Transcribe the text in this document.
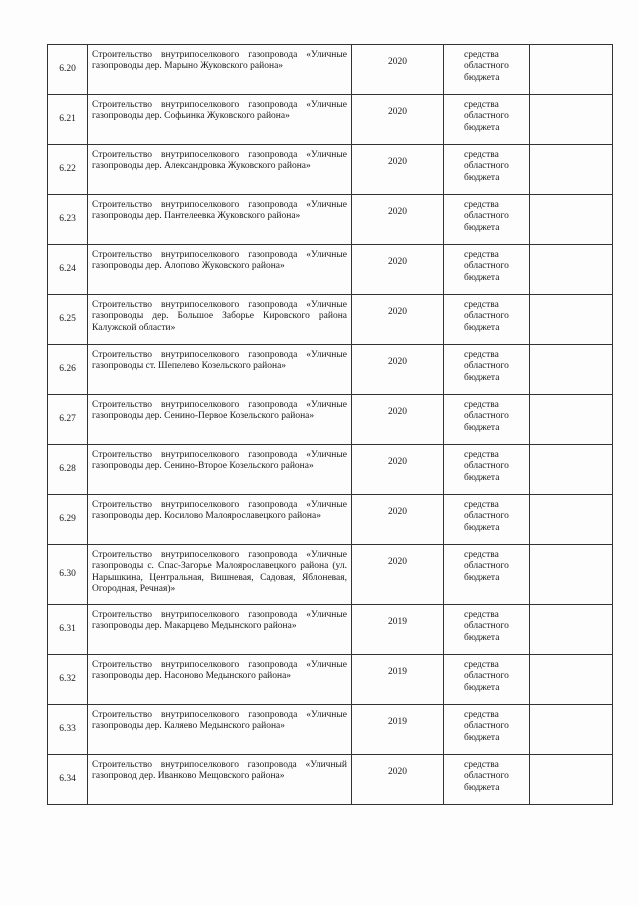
6.20	Строительство внутрипоселкового газопровода «Уличные газопроводы дер. Марыно Жуковского района»	2020	средства
областного
бюджета	

6.21	Строительство внутрипоселкового газопровода «Уличные газопроводы дер. Софьинка Жуковского района»	2020	средства
областного
бюджета	

6.22	Строительство внутрипоселкового газопровода «Уличные газопроводы дер. Александровка Жуковского района»	2020	средства
областного
бюджета	

6.23	Строительство внутрипоселкового газопровода «Уличные газопроводы дер. Пантелеевка Жуковского района»	2020	средства
областного
бюджета	

6.24	Строительство внутрипоселкового газопровода «Уличные газопроводы дер. Алопово Жуковского района»	2020	средства
областного
бюджета	

6.25	Строительство внутрипоселкового газопровода «Уличные газопроводы дер. Большое Заборье Кировского района Калужской области»	2020	средства
областного
бюджета	

6.26	Строительство внутрипоселкового газопровода «Уличные газопроводы ст. Шепелево Козельского района»	2020	средства
областного
бюджета	

6.27	Строительство внутрипоселкового газопровода «Уличные газопроводы дер. Сенино-Первое Козельского района»	2020	средства
областного
бюджета	

6.28	Строительство внутрипоселкового газопровода «Уличные газопроводы дер. Сенино-Второе Козельского района»	2020	средства
областного
бюджета	

6.29	Строительство внутрипоселкового газопровода «Уличные газопроводы дер. Косилово Малоярославецкого района»	2020	средства
областного
бюджета	

6.30	Строительство внутрипоселкового газопровода «Уличные газопроводы с. Спас-Загорье Малоярославецкого района (ул. Нарышкина, Центральная, Вишневая, Садовая, Яблоневая, Огородная, Речная)»	2020	средства
областного
бюджета	

6.31	Строительство внутрипоселкового газопровода «Уличные газопроводы дер. Макарцево Медынского района»	2019	средства
областного
бюджета	

6.32	Строительство внутрипоселкового газопровода «Уличные газопроводы дер. Насоново Медынского района»	2019	средства
областного
бюджета	

6.33	Строительство внутрипоселкового газопровода «Уличные газопроводы дер. Каляево Медынского района»	2019	средства
областного
бюджета	

6.34	Строительство внутрипоселкового газопровода «Уличный газопровод дер. Иванково Мещовского района»	2020	средства
областного
бюджета	
